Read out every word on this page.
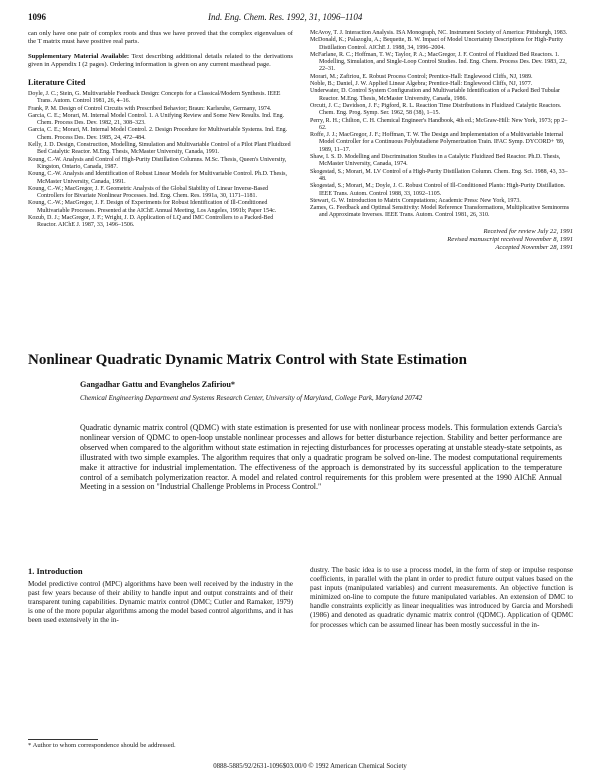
1096	Ind. Eng. Chem. Res. 1992, 31, 1096–1104

can only have one pair of complex roots and thus we have proved that the complex eigenvalues of the T matrix must have positive real parts.

Supplementary Material Available: Text describing additional details related to the derivations given in Appendix I (2 pages). Ordering information is given on any current masthead page.

Literature Cited

Doyle, J. C.; Stein, G. Multivariable Feedback Design: Concepts for a Classical/Modern Synthesis. IEEE Trans. Autom. Control 1981, 26, 4–16.

Frank, P. M. Design of Control Circuits with Prescribed Behavior; Braun: Karlsruhe, Germany, 1974.

Garcia, C. E.; Morari, M. Internal Model Control. 1. A Unifying Review and Some New Results. Ind. Eng. Chem. Process Des. Dev. 1982, 21, 308–323.

Garcia, C. E.; Morari, M. Internal Model Control. 2. Design Procedure for Multivariable Systems. Ind. Eng. Chem. Process Des. Dev. 1985, 24, 472–484.

Kelly, J. D. Design, Construction, Modelling, Simulation and Multivariable Control of a Pilot Plant Fluidized Bed Catalytic Reactor. M.Eng. Thesis, McMaster University, Canada, 1991.

Koung, C.-W. Analysis and Control of High-Purity Distillation Columns. M.Sc. Thesis, Queen's University, Kingston, Ontario, Canada, 1987.

Koung, C.-W. Analysis and Identification of Robust Linear Models for Multivariable Control. Ph.D. Thesis, McMaster University, Canada, 1991.

Koung, C.-W.; MacGregor, J. F. Geometric Analysis of the Global Stability of Linear Inverse-Based Controllers for Bivariate Nonlinear Processes. Ind. Eng. Chem. Res. 1991a, 30, 1171–1181.

Koung, C.-W.; MacGregor, J. F. Design of Experiments for Robust Identification of Ill-Conditioned Multivariable Processes. Presented at the AIChE Annual Meeting, Los Angeles, 1991b; Paper 154c.

Kozub, D. J.; MacGregor, J. F.; Wright, J. D. Application of LQ and IMC Controllers to a Packed-Bed Reactor. AIChE J. 1987, 33, 1496–1506.

McAvoy, T. J. Interaction Analysis. ISA Monograph, NC. Instrument Society of America: Pittsburgh, 1983.

McDonald, K.; Palazoglu, A.; Bequette, B. W. Impact of Model Uncertainty Descriptions for High-Purity Distillation Control. AIChE J. 1988, 34, 1996–2004.

McFarlane, R. C.; Hoffman, T. W.; Taylor, P. A.; MacGregor, J. F. Control of Fluidized Bed Reactors. 1. Modelling, Simulation, and Single-Loop Control Studies. Ind. Eng. Chem. Process Des. Dev. 1983, 22, 22–31.

Morari, M.; Zafiriou, E. Robust Process Control; Prentice-Hall: Englewood Cliffs, NJ, 1989.

Noble, B.; Daniel, J. W. Applied Linear Algebra; Prentice-Hall: Englewood Cliffs, NJ, 1977.

Underwater, D. Control System Configuration and Multivariable Identification of a Packed Bed Tubular Reactor. M.Eng. Thesis, McMaster University, Canada, 1986.

Orcutt, J. C.; Davidson, J. F.; Pigford, R. L. Reaction Time Distributions in Fluidized Catalytic Reactors. Chem. Eng. Prog. Symp. Ser. 1962, 58 (38), 1–15.

Perry, R. H.; Chilton, C. H. Chemical Engineer's Handbook, 4th ed.; McGraw-Hill: New York, 1973; pp 2–62.

Roffe, J. J.; MacGregor, J. F.; Hoffman, T. W. The Design and Implementation of a Multivariable Internal Model Controller for a Continuous Polybutadiene Polymerization Train. IFAC Symp. DYCORD+ '89, 1989, 11–17.

Shaw, I. S. D. Modelling and Discrimination Studies in a Catalytic Fluidized Bed Reactor. Ph.D. Thesis, McMaster University, Canada, 1974.

Skogestad, S.; Morari, M. LV Control of a High-Purity Distillation Column. Chem. Eng. Sci. 1988, 43, 33–48.

Skogestad, S.; Morari, M.; Doyle, J. C. Robust Control of Ill-Conditioned Plants: High-Purity Distillation. IEEE Trans. Autom. Control 1988, 33, 1092–1105.

Stewart, G. W. Introduction to Matrix Computations; Academic Press: New York, 1973.

Zames, G. Feedback and Optimal Sensitivity: Model Reference Transformations, Multiplicative Seminorms and Approximate Inverses. IEEE Trans. Autom. Control 1981, 26, 310.

Received for review July 22, 1991
Revised manuscript received November 8, 1991
Accepted November 28, 1991
Nonlinear Quadratic Dynamic Matrix Control with State Estimation
Gangadhar Gattu and Evanghelos Zafiriou*
Chemical Engineering Department and Systems Research Center, University of Maryland, College Park, Maryland 20742
Quadratic dynamic matrix control (QDMC) with state estimation is presented for use with nonlinear process models. This formulation extends Garcia's nonlinear version of QDMC to open-loop unstable nonlinear processes and allows for better disturbance rejection. Stability and better performance are observed when compared to the algorithm without state estimation in rejecting disturbances for processes operating at unstable steady-state setpoints, as illustrated with two simple examples. The algorithm requires that only a quadratic program be solved on-line. The modest computational requirements make it attractive for industrial implementation. The effectiveness of the approach is demonstrated by its successful application to the temperature control of a semibatch polymerization reactor. A model and related control requirements for this problem were presented at the 1990 AIChE Annual Meeting in a session on "Industrial Challenge Problems in Process Control."
1. Introduction
Model predictive control (MPC) algorithms have been well received by the industry in the past few years because of their ability to handle input and output constraints and of their transparent tuning capabilities. Dynamic matrix control (DMC; Cutler and Ramaker, 1979) is one of the more popular algorithms among the model based control algorithms, and it has been used extensively in the in-
dustry. The basic idea is to use a process model, in the form of step or impulse response coefficients, in parallel with the plant in order to predict future output values based on the past inputs (manipulated variables) and current measurements. An objective function is minimized on-line to compute the future manipulated variables. An extension of DMC to handle constraints explicitly as linear inequalities was introduced by Garcia and Morshedi (1986) and denoted as quadratic dynamic matrix control (QDMC). Application of QDMC for processes which can be assumed linear has been mostly successful in the in-
* Author to whom correspondence should be addressed.
0888-5885/92/2631-1096$03.00/0 © 1992 American Chemical Society
